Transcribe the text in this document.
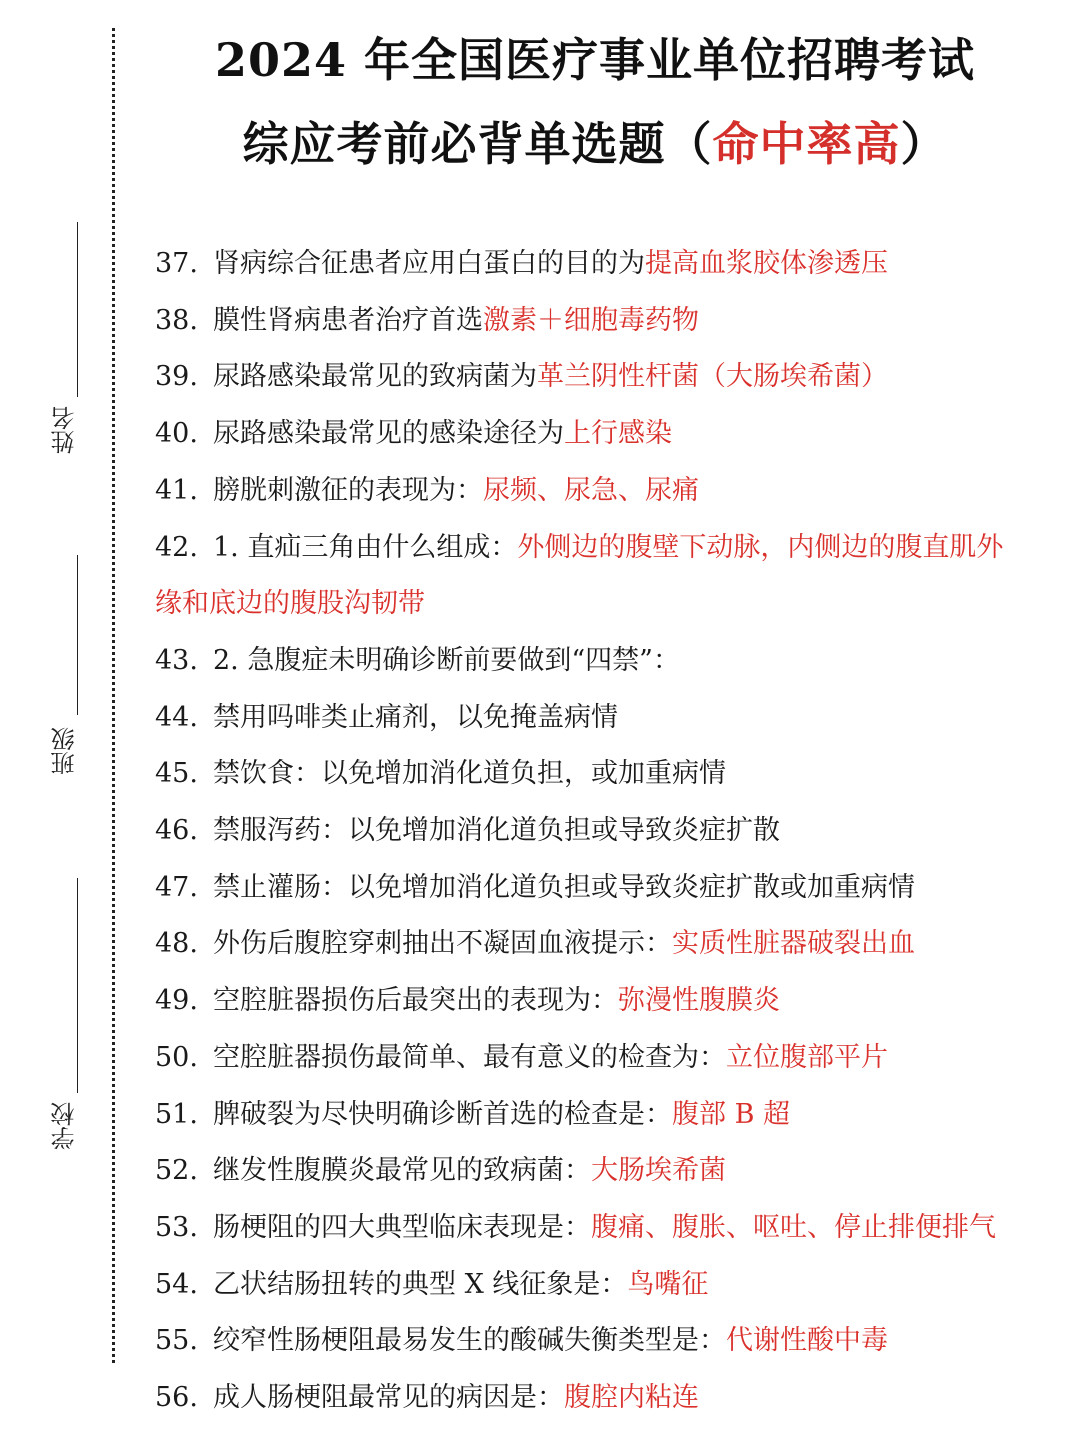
姓名
班级
学校
2024 年全国医疗事业单位招聘考试
综应考前必背单选题（命中率高）
37. 肾病综合征患者应用白蛋白的目的为提高血浆胶体渗透压
38. 膜性肾病患者治疗首选激素＋细胞毒药物
39. 尿路感染最常见的致病菌为革兰阴性杆菌（大肠埃希菌）
40. 尿路感染最常见的感染途径为上行感染
41. 膀胱刺激征的表现为：尿频、尿急、尿痛
42. 1. 直疝三角由什么组成：外侧边的腹壁下动脉，内侧边的腹直肌外
缘和底边的腹股沟韧带
43. 2. 急腹症未明确诊断前要做到“四禁”：
44. 禁用吗啡类止痛剂，以免掩盖病情
45. 禁饮食：以免增加消化道负担，或加重病情
46. 禁服泻药：以免增加消化道负担或导致炎症扩散
47. 禁止灌肠：以免增加消化道负担或导致炎症扩散或加重病情
48. 外伤后腹腔穿刺抽出不凝固血液提示：实质性脏器破裂出血
49. 空腔脏器损伤后最突出的表现为：弥漫性腹膜炎
50. 空腔脏器损伤最简单、最有意义的检查为：立位腹部平片
51. 脾破裂为尽快明确诊断首选的检查是：腹部 B 超
52. 继发性腹膜炎最常见的致病菌：大肠埃希菌
53. 肠梗阻的四大典型临床表现是：腹痛、腹胀、呕吐、停止排便排气
54. 乙状结肠扭转的典型 X 线征象是：鸟嘴征
55. 绞窄性肠梗阻最易发生的酸碱失衡类型是：代谢性酸中毒
56. 成人肠梗阻最常见的病因是：腹腔内粘连
